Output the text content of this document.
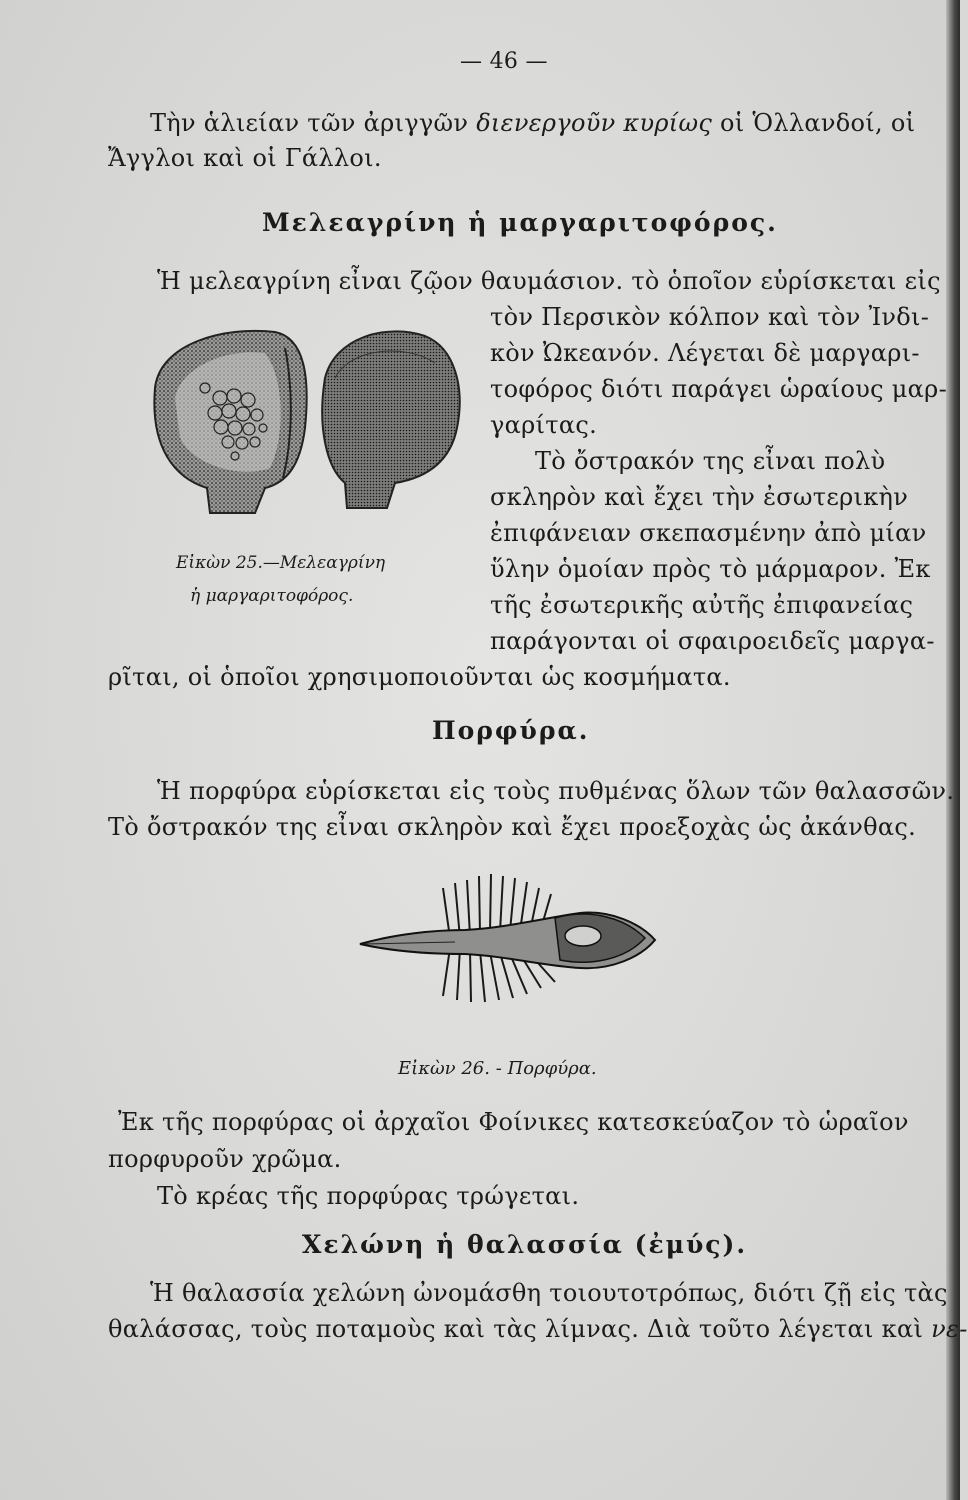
— 46 —
Τὴν ἁλιείαν τῶν ἀριγγῶν διενεργοῦν κυρίως οἱ Ὁλλανδοί, οἱ
Ἄγγλοι καὶ οἱ Γάλλοι.
Μελεαγρίνη ἡ μαργαριτοφόρος.
Ἡ μελεαγρίνη εἶναι ζῷον θαυμάσιον. τὸ ὁποῖον εὑρίσκεται εἰς
τὸν Περσικὸν κόλπον καὶ τὸν Ἰνδι-
κὸν Ὠκεανόν. Λέγεται δὲ μαργαρι-
τοφόρος διότι παράγει ὡραίους μαρ-
γαρίτας.
Τὸ ὄστρακόν της εἶναι πολὺ
σκληρὸν καὶ ἔχει τὴν ἐσωτερικὴν
ἐπιφάνειαν σκεπασμένην ἀπὸ μίαν
ὕλην ὁμοίαν πρὸς τὸ μάρμαρον. Ἐκ
τῆς ἐσωτερικῆς αὐτῆς ἐπιφανείας
παράγονται οἱ σφαιροειδεῖς μαργα-
ρῖται, οἱ ὁποῖοι χρησιμοποιοῦνται ὡς κοσμήματα.
Εἰκὼν 25.—Μελεαγρίνη
ἡ μαργαριτοφόρος.
Πορφύρα.
Ἡ πορφύρα εὑρίσκεται εἰς τοὺς πυθμένας ὅλων τῶν θαλασσῶν.
Τὸ ὄστρακόν της εἶναι σκληρὸν καὶ ἔχει προεξοχὰς ὡς ἀκάνθας.
Εἰκὼν 26. - Πορφύρα.
Ἐκ τῆς πορφύρας οἱ ἀρχαῖοι Φοίνικες κατεσκεύαζον τὸ ὡραῖον
πορφυροῦν χρῶμα.
Τὸ κρέας τῆς πορφύρας τρώγεται.
Χελώνη ἡ θαλασσία (ἐμύς).
Ἡ θαλασσία χελώνη ὠνομάσθη τοιουτοτρόπως, διότι ζῇ εἰς τὰς
θαλάσσας, τοὺς ποταμοὺς καὶ τὰς λίμνας. Διὰ τοῦτο λέγεται καὶ νε-
